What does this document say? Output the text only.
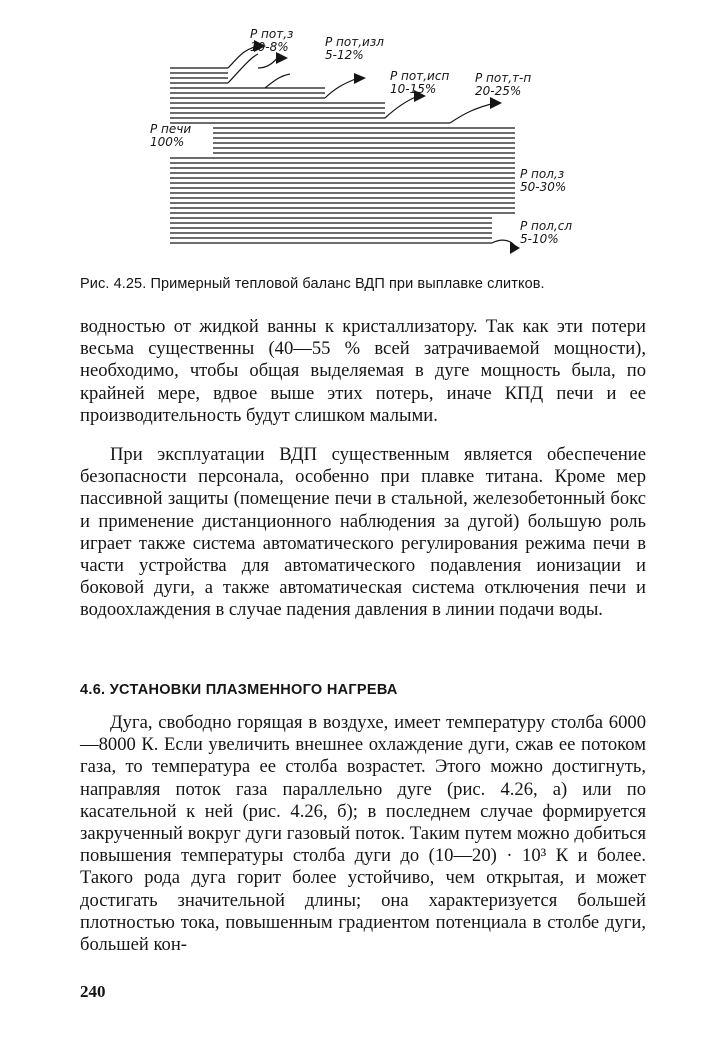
P печи
100%
P пот,з
10-8%	P пот,изл
5-12%
P пот,исп
10-15%
P пот,т-п
20-25%
P пол,з
50-30%
P пол,сл
5-10%
Рис. 4.25. Примерный тепловой баланс ВДП при выплавке слитков.

водностью от жидкой ванны к кристаллизатору. Так как эти потери весьма существенны (40—55 % всей затрачиваемой мощности), необходимо, чтобы общая выделяемая в дуге мощность была, по крайней мере, вдвое выше этих потерь, иначе КПД печи и ее производительность будут слишком малыми.

При эксплуатации ВДП существенным является обеспечение безопасности персонала, особенно при плавке титана. Кроме мер пассивной защиты (помещение печи в стальной, железобетонный бокс и применение дистанционного наблюдения за дугой) большую роль играет также система автоматического регулирования режима печи в части устройства для автоматического подавления ионизации и боковой дуги, а также автоматическая система отключения печи и водоохлаждения в случае падения давления в линии подачи воды.

4.6. УСТАНОВКИ ПЛАЗМЕННОГО НАГРЕВА

Дуга, свободно горящая в воздухе, имеет температуру столба 6000—8000 К. Если увеличить внешнее охлаждение дуги, сжав ее потоком газа, то температура ее столба возрастет. Этого можно достигнуть, направляя поток газа параллельно дуге (рис. 4.26, а) или по касательной к ней (рис. 4.26, б); в последнем случае формируется закрученный вокруг дуги газовый поток. Таким путем можно добиться повышения температуры столба дуги до (10—20) · 10³ К и более. Такого рода дуга горит более устойчиво, чем открытая, и может достигать значительной длины; она характеризуется большей плотностью тока, повышенным градиентом потенциала в столбе дуги, большей кон-

240
